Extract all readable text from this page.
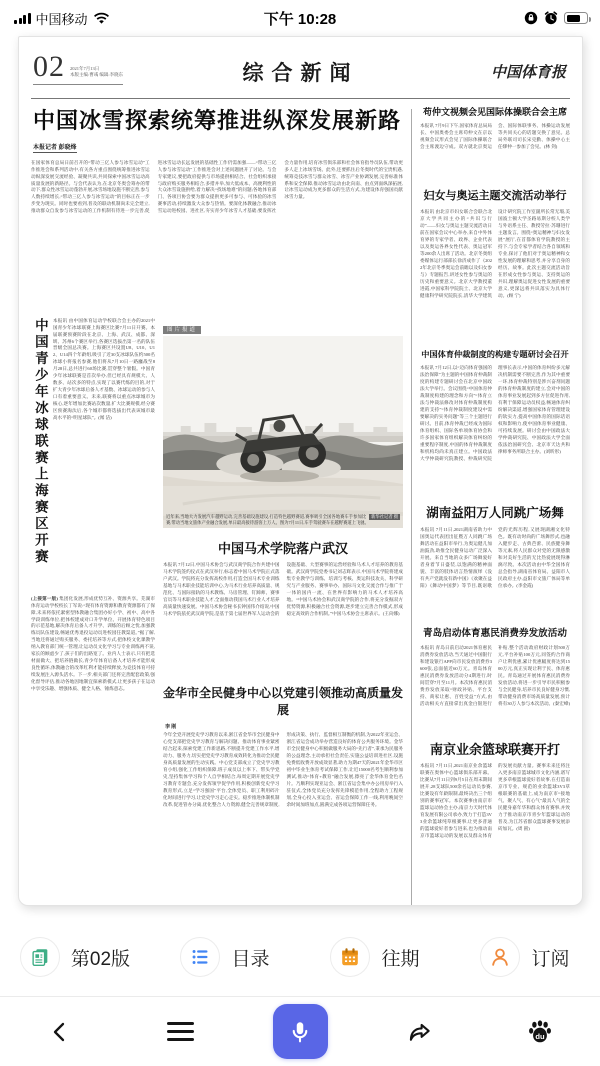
中国移动	下午 10:28
02 2021年7月13日
本版主编:曹彧 编辑:李晓东	综合新闻	中国体育报
中国冰雪探索统筹推进纵深发展新路
本报记者 彭晓烽
在国家体育总局日前召开的“带动三亿人参与冰雪运动”工作推进会和系列活动中,有关各方重点围绕统筹推进冰雪运动纵深发展交流经验、凝聚共识,共同探索中国冰雪运动高质量发展的新路径。与会代表认为,在北京冬奥会筹办的带动下,群众性冰雪运动蓬勃开展,冰雪场地设施不断完善,参与人数持续增长,“带动三亿人参与冰雪运动”的目标正在一步步变为现实。同时也要看到,普及的联动机制尚未完全建立,推动群众自发参与冰雪运动的工作机制有待进一步完善,促进冰雪运动长远发展的基础性工作仍需加强——“带动三亿人参与冰雪运动”工作推进会对上述问题展开了讨论。与会专家建议,要把政府提供与市场提供相结合、社会组织承接与政府购买服务相结合,多措并举,加大低成本、高便利性的大众冰雪设施供给,着力解决“找场地难”的问题;各地体育部门、各项目协会要为群众提供更多可参与、可体验的冰雪赛事活动,持续激发大众参与热情。要深化体教融合,推动冰雪运动进校园、进社区,夯实青少年冰雪人才基础;要发挥社会力量作用,培育冰雪俱乐部和社会体育指导员队伍,带动更多人走上冰场雪场。此外,还要抓住后冬奥时代的宝贵机遇,统筹竞技冰雪与群众冰雪、冰雪产业协调发展,完善标准体系和安全保障,推动冰雪运动由北向南、由点到面纵深拓展,让冰雪运动成为更多群众的生活方式,为建设体育强国贡献冰雪力量。
中国青少年冰球联赛上海赛区开赛 本报讯 由中国体育运动学校联合会主办的2021中国青少年冰球联赛上海赛区比赛7月11日开赛。本届联赛预赛阶段在北京、上海、武汉、成都、深圳、苏州6个赛区举行,各赛区选拔出第一名的队伍晋级全国总决赛。上海赛区共设置U8、U10、U12、U14四个年龄组,吸引了近30支冰球队伍约500名冰球小将报名参赛,他们将从7月10日一路鏖战至8月28日,总共进行60场比赛,贯穿整个暑假。中国青少年冰球联赛是首次举办,但已经具有规模大、人数多、站次多的特点,实现了以赛代练的目的,对于扩大青少年冰球后备人才基数、冰球运动的参与人口有着重要意义。未来,联赛将以重点冰球城市为核心,逐年增加比赛站次数量,扩大比赛规模,经分赛区预赛淘汰后,各个城市都将选拔出代表该城市最高水平的“明星球队”。(闻 洁)
(上接第一版) 集团化发展,形成优势互补、资源共享。芜湖市体育运动学校校长丁军说:“现有体育资源和教育资源都有了保障,未来将依托紧密型体教融合集团办好小学、初中、高中各学段训练单位,把体校建成对口升学单位、开展体育特色项目的示范基地,解决体育后备人才升学、训练的后顾之忧,加强教练员队伍建设,畅通优秀退役运动员进校园任教渠道。”据了解,当地还将通过购买服务、委托培养等方式,把体校文化课教学纳入教育部门统一管理,让运动员文化学习与专业训练两不误,家长的顾虑少了,孩子们的出路宽了。业内人士表示,只有把选材面做大、把培养链做长,青少年体育后备人才培养才能形成良性循环,体教融合的改革红利才能持续释放,为竞技体育可持续发展注入源头活水。下一步,相关部门还将完善配套政策,强化督导评估,推动各地因地制宜探索新模式,让更多孩子在运动中享受乐趣、增强体质、健全人格、锤炼意志。
图片报道
新华社记者 摄
近年来,当地大力发展汽车越野运动,完善基础设施建设,打造特色越野赛道,赛事吸引全国各地赛车手参加比赛,带动当地文旅体产业融合发展,单日最高接待游客上万人。图为7月11日,车手驾驶赛车在越野赛道上飞驰。
中国马术学院落户武汉
本报讯 7月12日,中国马术协会与武汉商学院合作共建中国马术学院签约仪式在武汉举行,标志着中国马术学院正式落户武汉。学院将充分发挥高校作用,打造全国马术专业训练基地与马术职业技能培训中心,为马术行业培养高质量、规范化、与国际接轨的马术教练、马房管理、钉蹄师、赛事官员等马术职业技能人才,全面推动我国马术行业人才培养高质量快速发展。中国马术协会秘书长钟国伟介绍说,中国马术学院依托武汉商学院,是基于第七届世界军人运动会的设施基础、大型赛事的运营经验和马术人才培养的教育基础。武汉商学院党委书记刘志辉表示,中国马术学院将建成集专业教学与训练、培训与考核、奥运科技攻关、科学研究与产业服务、赛事举办、国际马文化交流合作与推广于一体的国内一流、在世界有影响力的马术人才培养高地。“中国马术协会和武汉商学院的合作,将充分发掘双方优势资源,积极融合社会资源,逐步建立完善合作模式,形成稳定高效的合作机制。”中国马术协会主席表示。(王向娜)
金华市全民健身中心以党建引领推动高质量发展
李 刚
今年全党开展党史学习教育以来,浙江省金华市全民健身中心党支部把党史学习教育与解决问题、推动体育事业紧密结合起来,探索党建工作新思路,不断提升党建工作水平,增动力、服务力,切实把党史学习教育成效转化为推动全民健身高质量发展的生动实践。中心党支部成立了党史学习教育小组,强化工作组织保障,班子成员以上率下、带头学党史,坚持集体学习和个人自学相结合,每周定期开展党史学习教育专题会,充分发挥领学促学作用,积极创新党史学习教育形式,立足“学习强国”平台,全体党员、职工利用碎片化时间进行学习,让党史学习走心走实。稳步推进体制机制改革,促进管办分离,优化整合人力资源,健全完善规章制度,形成决策、执行、监督相互制衡的机制,为2022年亚运会、浙江省运会成功举办营造良好的体育公共服务环境。金华市全民健身中心积极做服务大局的“先行者”,秉承为民服务的公益理念,主动承担社会责任,实施公益培训进社区,设施免费低收费开放成效显著,助力为期47天的2021年金华市区初中毕业生体育考试保障工作,让近15000名考生顺利参加测试,推动“体育+教育”融合发展,擦亮了金华体育金色名片。乃顺利实现亚运会、浙江省运会集中办公用房举行入驻仪式,全体党员充分发挥先锋模范作用,全程助力工程规划,全身心投入亚运会、省运会保障工作一线,利用晚间空余时间加班加点,圆满完成各项运营保障任务。
苟仲文视频会见国际体操联合会主席
本报讯 7月9日下午,国家体育总局局长、中国奥委会主席苟仲文在京以视频会议形式会见了国际体操联合会主席渡边守成。双方就北京奥运会、国际体联事务、体操运动发展等共同关心的话题交换了意见。总局外联司司长宋克勤、体操中心主任缪仲一参加了会见。(林 剑)
妇女与奥运主题交流活动举行
本报讯 由北京市妇女联合会联合北京大学共同主办的“共识与行动”——妇女与奥运主题交流活动日前在国家会议中心举办,来自中外体育界的专家学者、政界、企业代表以及奥运各界女性代表、奥运冠军等200余人出席了活动。北京冬奥组委媒体运行部部长徐济成作了《2022年北京冬季奥运会前瞻以及妇女参与》专题报告,讲述女性参与奥运的历史和重要意义。北京大学教授董进霞,中国家科学院院士、北京大学健康科学研究院院长,清华大学建筑设计研究院工作室副所长常无瑕,美国波士顿大学圣路易斯分校人类学与外语系主任、教授劳拉·苏珊进行主题发言。围绕“奥运精神与妇女发展”展厅,在首都体育学院教授的主持下,与会专家学者结合各自领域和专业,探讨了他们对于奥运精神和女性发展的理解和思考,并分享自身的经历、故事。此次主题交流活动旨在形成女性参与奥运、支持奥运的共识,理解奥运促进女性发展的重要意义,更深远将共识落实为具体行动。(顾 宁)
中国体育仲裁制度的构建专题研讨会召开
本报讯 7月12日,以“迈向体育强国的法治保障”为主题的中国体育仲裁制度的构建专题研讨会在北京中国政法大学举行。会议围绕“中国体育仲裁制度构建的理念和方向”“体育立法与仲裁法修改对体育仲裁制度构建的支持”“体育仲裁制度建设中需要解决的实务问题”等三个主题进行研讨。目前,体育仲裁已经成为国际体育组织、国际各单项体育协会和许多国家体育组织解决体育纠纷的重要程序制度,中国的体育仲裁制度和机构均尚未真正建立。中国政法大学仲裁研究院教授、仲裁研究院理事长表示,中国的体育纠纷多元解决机制需要不断完善,作为其中重要一环,体育仲裁特别是涉兴奋剂问题的体育仲裁制度的建立,会对中国的体育事业发展起到多方位促进作用,有利于保障运动员权益,畅通体育纠纷解决渠道,增强国家体育管理建设的软实力,提高中国体育的国际话语权和影响力,使中国体育事业健康、可持续发展。研讨会由中国政法大学仲裁研究院、中国政法大学全面依法治国研究会、北京市天达共和律师事务所联合主办。(刘昕彤)
湖南益阳万人同跳广场舞
本报讯 7月11日,2021湖南省助力中国奥运代表团出征暨万人同跳广场舞活动在益阳市举行,为奥运健儿加油鼓劲,助推全民健身运动广泛深入开展。来自当地的众多广场舞爱好者身着节日盛装,以饱满的精神面貌、丰富的肢体语言热情演绎《没有共产党就没有新中国》《欢聚在益阳》《舞动中国梦》等节目,既讴歌党的光辉历程,又展现湖湘文化特色。既有动时尚的广场舞形式,也融入健步走、古典芭蕾、民族健身舞等元素,将人民群众对党的无限感激和对美好生活的无比热爱展现得淋漓尽致。本次活动由中华全国体育总会指导,湖南省体育局、益阳市人民政府主办,益阳市文旅广体局等单位承办。(李金霞)
青岛启动体育惠民消费券发放活动
本报讯 青岛日前启动2021体育惠民消费券发放活动,当天通过中国银行和建设银行APP向市民发放消费券3600张,总面值近60万元。青岛体育惠民消费券发放活动分4期进行,时间贯穿7月至11月。本次体育惠民消费券发放采取“财政补贴、平台支持、商家让惠、百姓受益”方式,由活动相关方直接拿出真金白银进行补贴,整个活动政府财政计划500万元,平台补贴100万元,同签约合作商户让利优惠,累计优惠幅度将达到1500万元,真正实现让利于民、体育惠民。青岛通过开展体育惠民消费券发放活动,将进一步引导市民积极参与全民健身,培养市民良好健身习惯,带动健身消费市场高质量发展,预计将有30万人参与本次活动。(秦宏峰)
南京业余篮球联赛开打
本报讯 7月11日,2021南京业余篮球联赛在奥体中心篮球俱乐部开幕。比赛从7月11日到9月5日在周末期间展开,28支球队500余名运动员参赛,比赛设有年龄限制,最终决出三个组别的赛事冠军。本次赛事由南京市篮球运动协会主办,南京力天时代体育发展有限公司承办,致力于打造3V3业余篮球纯草根赛事,让更多普通的篮球爱好者参与进来,也为推动南京市篮球运动的发展以及群众体育的发展贡献力量。赛事未来还将注入更多南京篮球城市文化内涵,谱写更多草根篮球爱好者故事,在打造南京市专业、规范的业余篮球3V3草根联赛的基础上,成为南京市“接地气、聚人气、有心气”最具人气的全民健身嘉年华和群众体育赛事,并致力于推动南京市青少年篮球运动的普及,为江苏省群众篮球赛事发展添砖加瓦。(周 圆)
第02版	目录	往期	订阅
du
